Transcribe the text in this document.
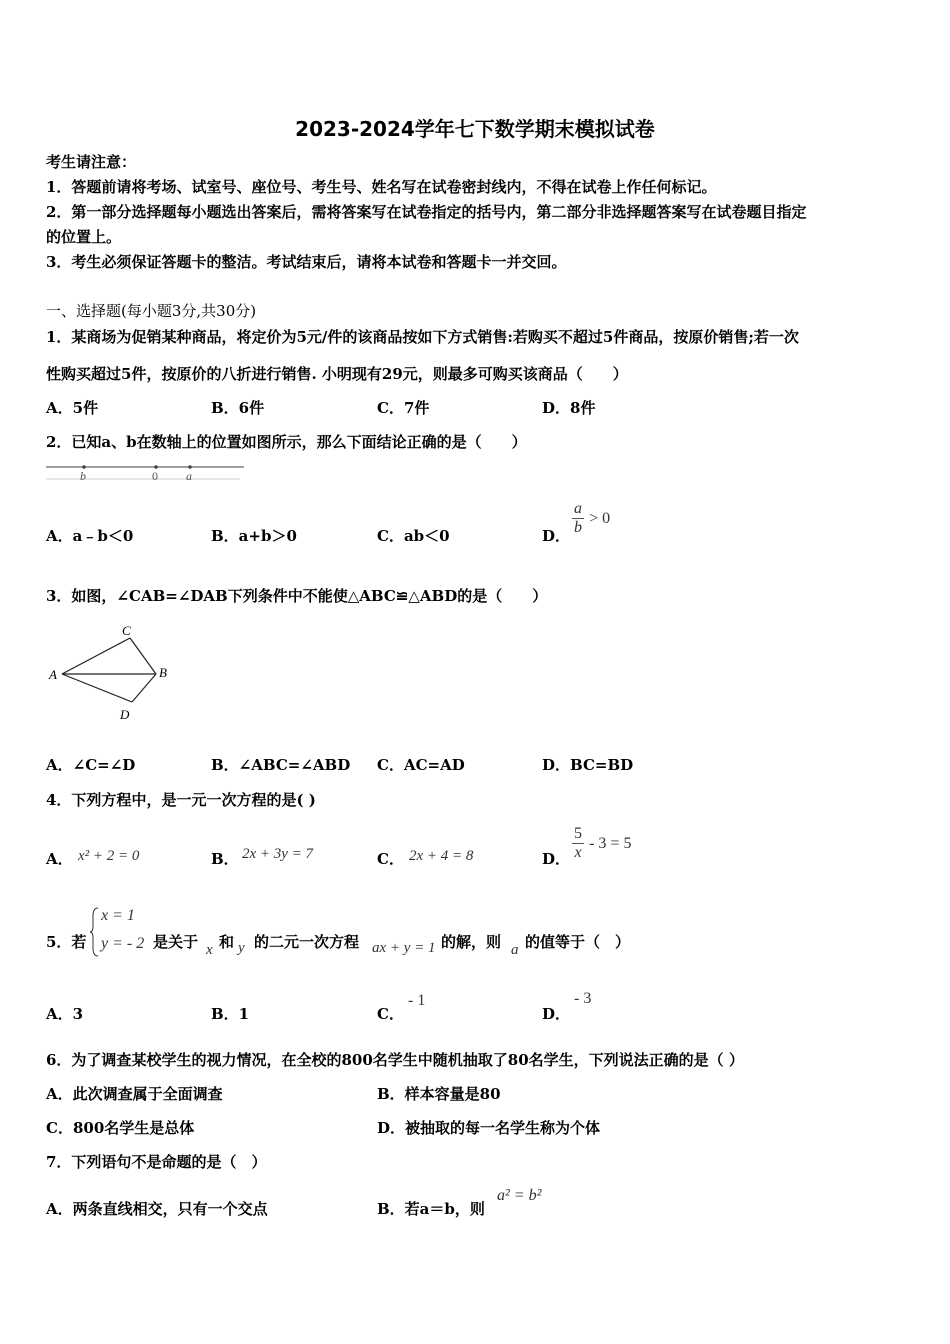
2023-2024学年七下数学期末模拟试卷
考生请注意：
1．答题前请将考场、试室号、座位号、考生号、姓名写在试卷密封线内，不得在试卷上作任何标记。
2．第一部分选择题每小题选出答案后，需将答案写在试卷指定的括号内，第二部分非选择题答案写在试卷题目指定
的位置上。
3．考生必须保证答题卡的整洁。考试结束后，请将本试卷和答题卡一并交回。
一、选择题(每小题3分,共30分)
1．某商场为促销某种商品，将定价为5元/件的该商品按如下方式销售:若购买不超过5件商品，按原价销售;若一次
性购买超过5件，按原价的八折进行销售. 小明现有29元，则最多可购买该商品（　　）
A．5件	B．6件	C．7件	D．8件
2．已知a、b在数轴上的位置如图所示，那么下面结论正确的是（　　）
b	0 a
A．a﹣b＜0	B．a+b＞0	C．ab＜0	D． $\frac{a}{b} > 0$
3．如图，∠CAB=∠DAB下列条件中不能使△ABC≌△ABD的是（　　）
A	B
C
D
A．∠C=∠D	B．∠ABC=∠ABD C．AC=AD	D．BC=BD
4．下列方程中，是一元一次方程的是( )
A． x² + 2 = 0	B． 2x + 3y = 7	C． 2x + 4 = 8	D． $\frac{5}{x} - 3 = 5$
5．若
x = 1
y = - 2 是关于 x 和 y 的二元一次方程 ax + y = 1 的解，则 a 的值等于（　）
A．3	B．1	C．
- 1
D．
- 3
6．为了调查某校学生的视力情况，在全校的800名学生中随机抽取了80名学生，下列说法正确的是（ ）
A．此次调查属于全面调查	B．样本容量是80
C．800名学生是总体	D．被抽取的每一名学生称为个体
7．下列语句不是命题的是（　）
A．两条直线相交，只有一个交点	B．若a＝b，则
a² = b²
